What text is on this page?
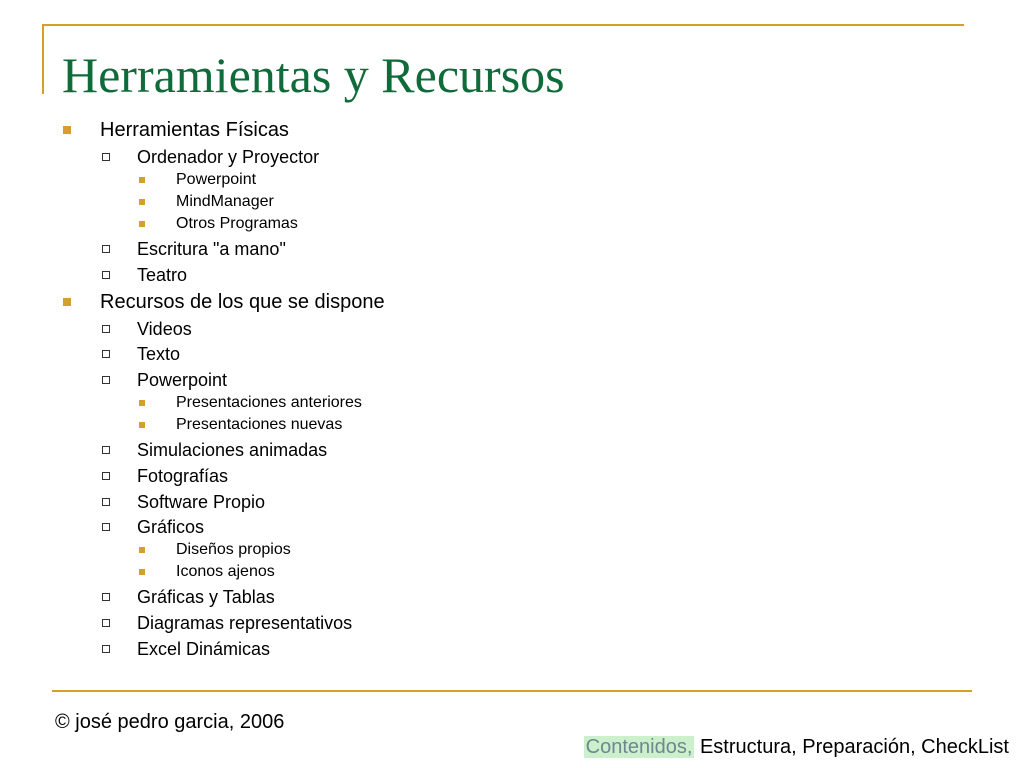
Herramientas y Recursos
Herramientas Físicas
Ordenador y Proyector
Powerpoint
MindManager
Otros Programas
Escritura "a mano"
Teatro
Recursos de los que se dispone
Videos
Texto
Powerpoint
Presentaciones anteriores
Presentaciones nuevas
Simulaciones animadas
Fotografías
Software Propio
Gráficos
Diseños propios
Iconos ajenos
Gráficas y Tablas
Diagramas representativos
Excel Dinámicas
© josé pedro garcia, 2006
Contenidos, Estructura, Preparación, CheckList
